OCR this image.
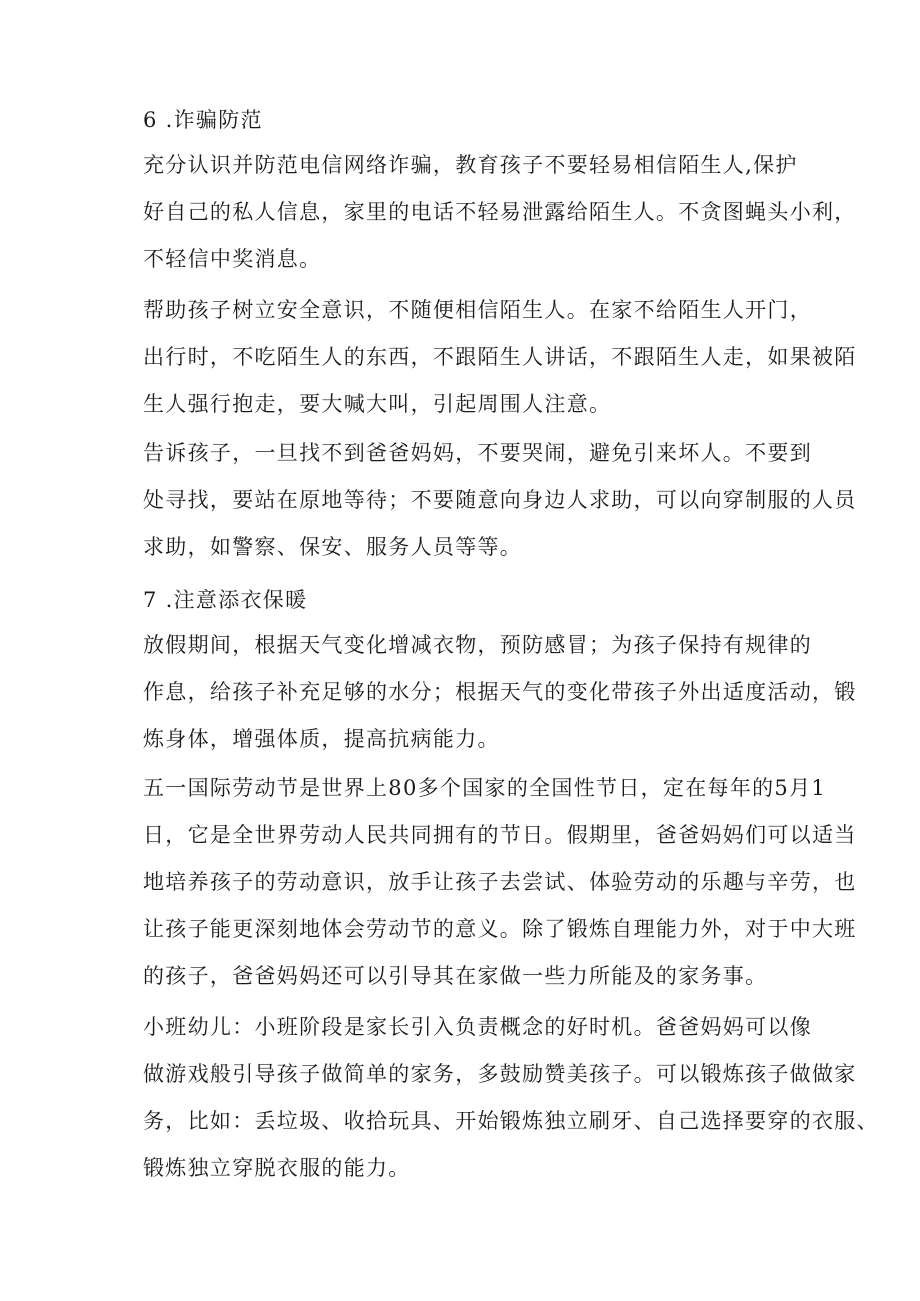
6 .诈骗防范
充分认识并防范电信网络诈骗，教育孩子不要轻易相信陌生人,保护
好自己的私人信息，家里的电话不轻易泄露给陌生人。不贪图蝇头小利，
不轻信中奖消息。
帮助孩子树立安全意识，不随便相信陌生人。在家不给陌生人开门，
出行时，不吃陌生人的东西，不跟陌生人讲话，不跟陌生人走，如果被陌
生人强行抱走，要大喊大叫，引起周围人注意。
告诉孩子，一旦找不到爸爸妈妈，不要哭闹，避免引来坏人。不要到
处寻找，要站在原地等待；不要随意向身边人求助，可以向穿制服的人员
求助，如警察、保安、服务人员等等。
7 .注意添衣保暖
放假期间，根据天气变化增减衣物，预防感冒；为孩子保持有规律的
作息，给孩子补充足够的水分；根据天气的变化带孩子外出适度活动，锻
炼身体，增强体质，提高抗病能力。
五一国际劳动节是世界上80多个国家的全国性节日，定在每年的5月1
日，它是全世界劳动人民共同拥有的节日。假期里，爸爸妈妈们可以适当
地培养孩子的劳动意识，放手让孩子去尝试、体验劳动的乐趣与辛劳，也
让孩子能更深刻地体会劳动节的意义。除了锻炼自理能力外，对于中大班
的孩子，爸爸妈妈还可以引导其在家做一些力所能及的家务事。
小班幼儿：小班阶段是家长引入负责概念的好时机。爸爸妈妈可以像
做游戏般引导孩子做简单的家务，多鼓励赞美孩子。可以锻炼孩子做做家
务，比如：丢垃圾、收拾玩具、开始锻炼独立刷牙、自己选择要穿的衣服、
锻炼独立穿脱衣服的能力。
